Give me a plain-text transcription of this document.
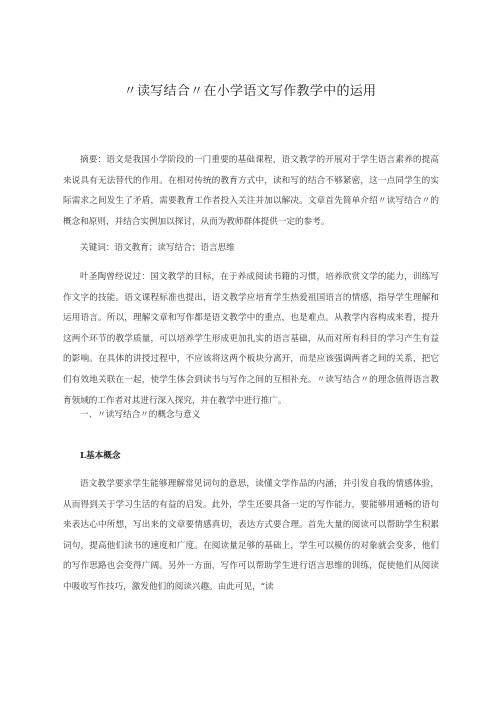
〃读写结合〃在小学语文写作教学中的运用
摘要：语文是我国小学阶段的一门重要的基础课程，语文教学的开展对于学生语言素养的提高来说具有无法替代的作用。在相对传统的教育方式中，读和写的结合不够紧密，这一点同学生的实际需求之间发生了矛盾，需要教育工作者投入关注并加以解决。文章首先简单介绍〃读写结合〃的概念和原则，并结合实例加以探讨，从而为教师群体提供一定的参考。
关键词：语文教育；读写结合；语言思维
叶圣陶曾经说过：国文教学的目标，在于养成阅读书籍的习惯，培养欣赏文学的能力，训练写作文字的技能。语文课程标准也提出，语文教学应培育学生热爱祖国语言的情感，指导学生理解和运用语言。所以，理解文章和写作都是语文教学中的重点，也是难点。从教学内容构成来看，提升这两个环节的教学质量，可以培养学生形成更加扎实的语言基础，从而对所有科目的学习产生有益的影响。在具体的讲授过程中，不应该将这两个板块分离开，而是应该强调两者之间的关系，把它们有效地关联在一起，使学生体会到读书与写作之间的互相补充。〃读写结合〃的理念值得语言教育领域的工作者对其进行深入探究，并在教学中进行推广。
一、〃读写结合〃的概念与意义
L基本概念
语文教学要求学生能够理解常见词句的意思，读懂文学作品的内涵，并引发自我的情感体验，从而得到关于学习生活的有益的启发。此外，学生还要具备一定的写作能力，要能够用通畅的语句来表达心中所想，写出来的文章要情感真切，表达方式要合理。首先大量的阅读可以帮助学生积累词句，提高他们读书的速度和广度。在阅读量足够的基础上，学生可以模仿的对象就会变多，他们的写作思路也会变得广阔。另外一方面，写作可以帮助学生进行语言思维的训练，促使他们从阅读中吸收写作技巧，激发他们的阅读兴趣。由此可见，“读
